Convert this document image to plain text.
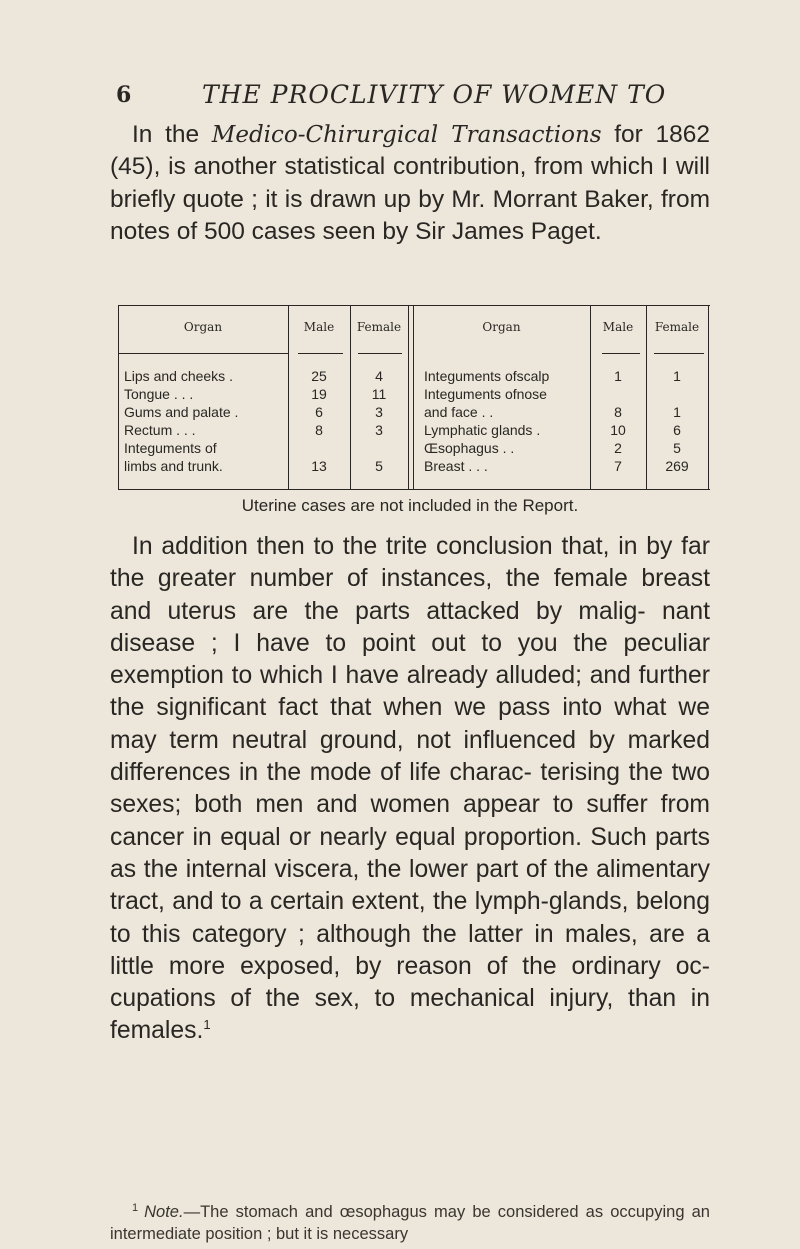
6	THE PROCLIVITY OF WOMEN TO
In the Medico-Chirurgical Transactions for 1862 (45), is another statistical contribution, from which I will briefly quote ; it is drawn up by Mr. Morrant Baker, from notes of 500 cases seen by Sir James Paget.
Organ	Male	Female	Organ	Male	Female
Lips and cheeks .	25	4
Tongue . . .	19	11
Gums and palate .	6	3
Rectum . . .	8	3
Integuments of
limbs and trunk.	13	5
Integuments ofscalp	1	1
Integuments ofnose
and face . .	8	1
Lymphatic glands .	10	6
Œsophagus . .	2	5
Breast . . .	7	269
Uterine cases are not included in the Report.
In addition then to the trite conclusion that, in by far the greater number of instances, the female breast and uterus are the parts attacked by malig- nant disease ; I have to point out to you the peculiar exemption to which I have already alluded; and further the significant fact that when we pass into what we may term neutral ground, not influenced by marked differences in the mode of life charac- terising the two sexes; both men and women appear to suffer from cancer in equal or nearly equal proportion. Such parts as the internal viscera, the lower part of the alimentary tract, and to a certain extent, the lymph-glands, belong to this category ; although the latter in males, are a little more exposed, by reason of the ordinary oc- cupations of the sex, to mechanical injury, than in females.$^1$
$^1$ Note.—The stomach and œsophagus may be considered as occupying an intermediate position ; but it is necessary
